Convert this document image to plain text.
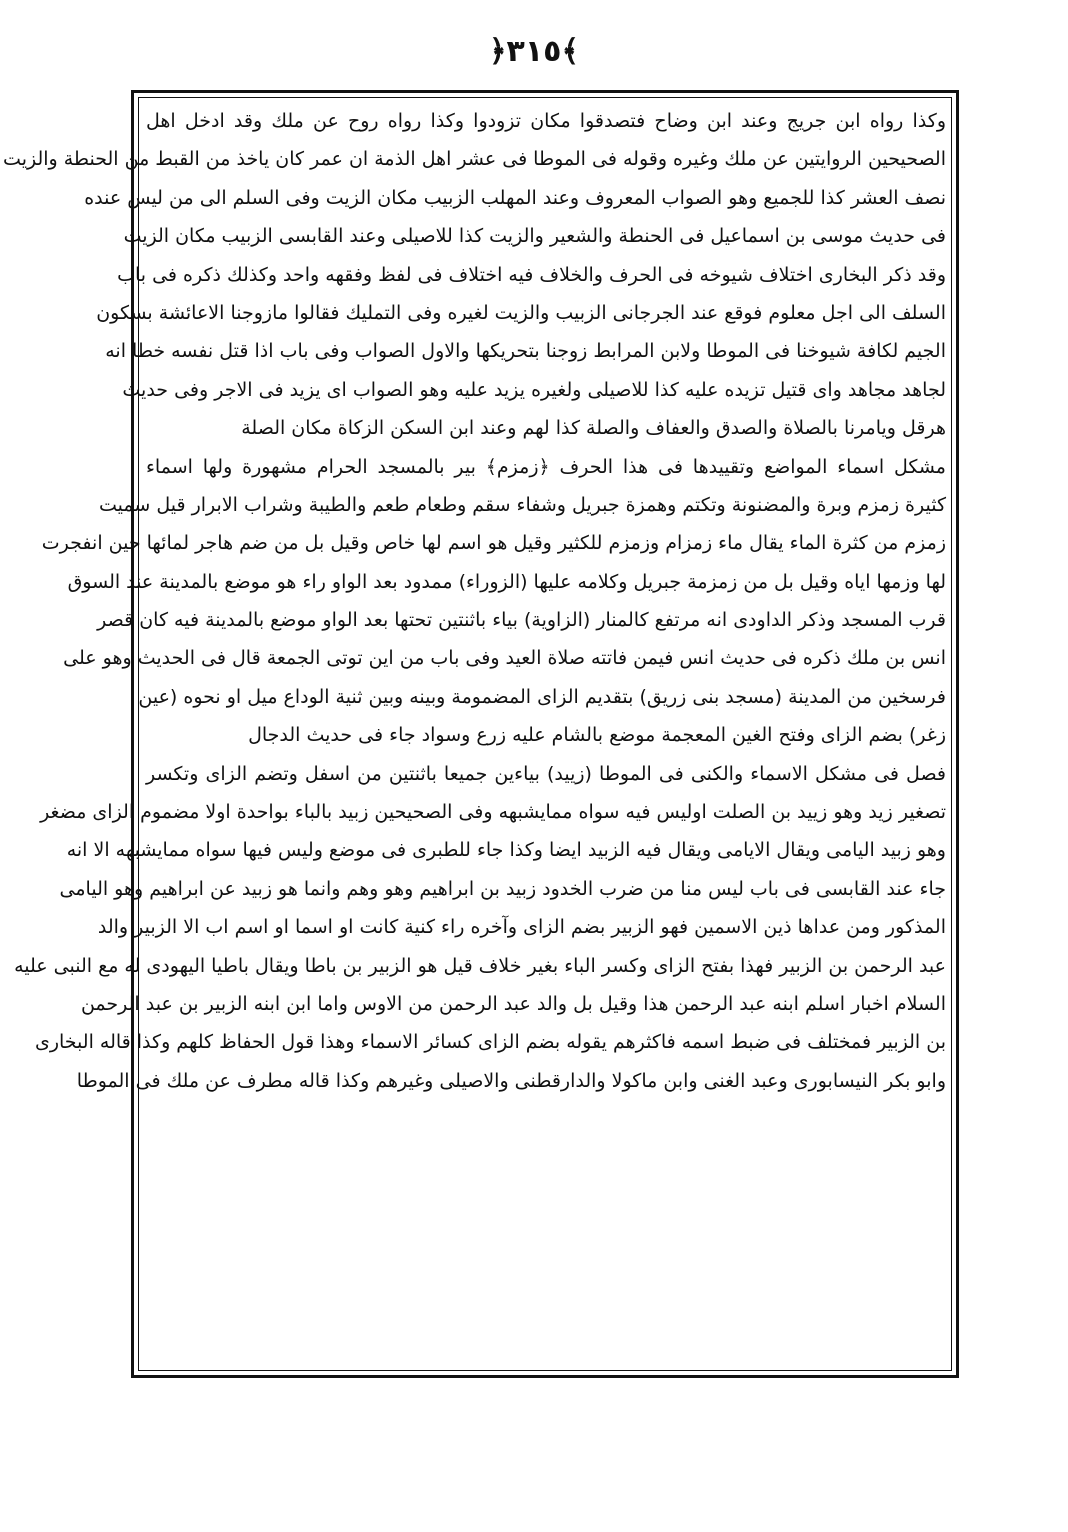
﴿٣١٥﴾
وكذا رواه ابن جريج وعند ابن وضاح فتصدقوا مكان تزودوا وكذا رواه روح عن ملك وقد ادخل اهل
الصحيحين الروايتين عن ملك وغيره وقوله فى الموطا فى عشر اهل الذمة ان عمر كان ياخذ من القبط من الحنطة والزيت
نصف العشر كذا للجميع وهو الصواب المعروف وعند المهلب الزبيب مكان الزيت وفى السلم الى من ليس عنده
فى حديث موسى بن اسماعيل فى الحنطة والشعير والزيت كذا للاصيلى وعند القابسى الزبيب مكان الزيت
وقد ذكر البخارى اختلاف شيوخه فى الحرف والخلاف فيه اختلاف فى لفظ وفقهه واحد وكذلك ذكره فى باب
السلف الى اجل معلوم فوقع عند الجرجانى الزبيب والزيت لغيره وفى التمليك فقالوا مازوجنا الاعائشة بسكون
الجيم لكافة شيوخنا فى الموطا ولابن المرابط زوجنا بتحريكها والاول الصواب وفى باب اذا قتل نفسه خطا انه
لجاهد مجاهد واى قتيل تزيده عليه كذا للاصيلى ولغيره يزيد عليه وهو الصواب اى يزيد فى الاجر وفى حديث
هرقل ويامرنا بالصلاة والصدق والعفاف والصلة كذا لهم وعند ابن السكن الزكاة مكان الصلة
مشكل اسماء المواضع وتقييدها فى هذا الحرف ﴿زمزم﴾ بير بالمسجد الحرام مشهورة ولها اسماء
كثيرة زمزم وبرة والمضنونة وتكتم وهمزة جبريل وشفاء سقم وطعام طعم والطيبة وشراب الابرار قيل سميت
زمزم من كثرة الماء يقال ماء زمزام وزمزم للكثير وقيل هو اسم لها خاص وقيل بل من ضم هاجر لمائها حين انفجرت
لها وزمها اياه وقيل بل من زمزمة جبريل وكلامه عليها (الزوراء) ممدود بعد الواو راء هو موضع بالمدينة عند السوق
قرب المسجد وذكر الداودى انه مرتفع كالمنار (الزاوية) بياء باثنتين تحتها بعد الواو موضع بالمدينة فيه كان قصر
انس بن ملك ذكره فى حديث انس فيمن فاتته صلاة العيد وفى باب من اين توتى الجمعة قال فى الحديث وهو على
فرسخين من المدينة (مسجد بنى زريق) بتقديم الزاى المضمومة وبينه وبين ثنية الوداع ميل او نحوه (عين
زغر) بضم الزاى وفتح الغين المعجمة موضع بالشام عليه زرع وسواد جاء فى حديث الدجال
فصل فى مشكل الاسماء والكنى فى الموطا (زييد) بياءين جميعا باثنتين من اسفل وتضم الزاى وتكسر
تصغير زيد وهو زييد بن الصلت اوليس فيه سواه ممايشبهه وفى الصحيحين زبيد بالباء بواحدة اولا مضموم الزاى مضغر
وهو زبيد اليامى ويقال الايامى ويقال فيه الزبيد ايضا وكذا جاء للطبرى فى موضع وليس فيها سواه ممايشبهه الا انه
جاء عند القابسى فى باب ليس منا من ضرب الخدود زبيد بن ابراهيم وهو وهم وانما هو زبيد عن ابراهيم وهو اليامى
المذكور ومن عداها ذين الاسمين فهو الزبير بضم الزاى وآخره راء كنية كانت او اسما او اسم اب الا الزبير والد
عبد الرحمن بن الزبير فهذا بفتح الزاى وكسر الباء بغير خلاف قيل هو الزبير بن باطا ويقال باطيا اليهودى له مع النبى عليه
السلام اخبار اسلم ابنه عبد الرحمن هذا وقيل بل والد عبد الرحمن من الاوس واما ابن ابنه الزبير بن عبد الرحمن
بن الزبير فمختلف فى ضبط اسمه فاكثرهم يقوله بضم الزاى كسائر الاسماء وهذا قول الحفاظ كلهم وكذا قاله البخارى
وابو بكر النيسابورى وعبد الغنى وابن ماكولا والدارقطنى والاصيلى وغيرهم وكذا قاله مطرف عن ملك فى الموطا
